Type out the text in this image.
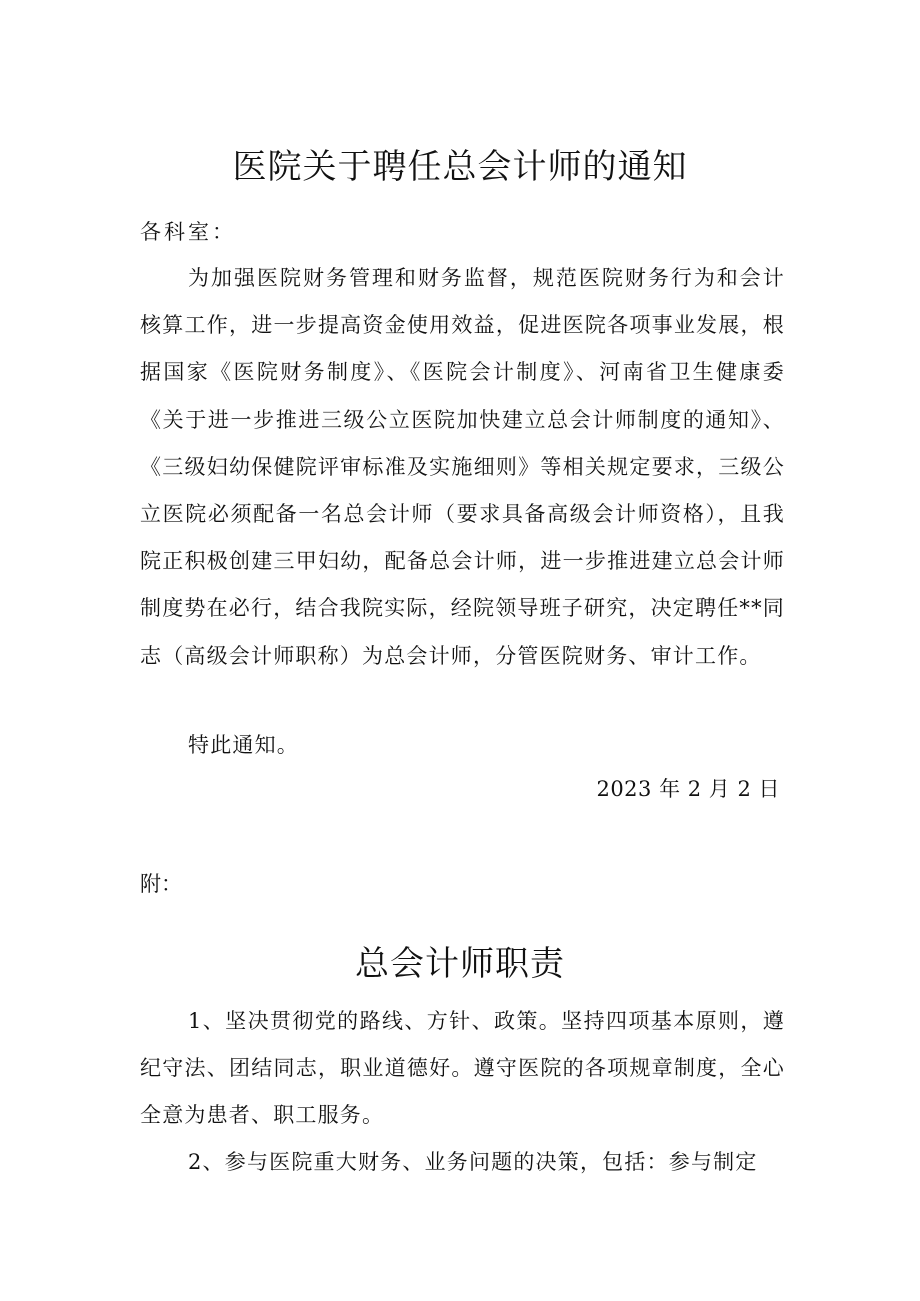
医院关于聘任总会计师的通知
各科室：

为加强医院财务管理和财务监督，规范医院财务行为和会计核算工作，进一步提高资金使用效益，促进医院各项事业发展，根据国家《医院财务制度》、《医院会计制度》、河南省卫生健康委《关于进一步推进三级公立医院加快建立总会计师制度的通知》、《三级妇幼保健院评审标准及实施细则》等相关规定要求，三级公立医院必须配备一名总会计师（要求具备高级会计师资格），且我院正积极创建三甲妇幼，配备总会计师，进一步推进建立总会计师制度势在必行，结合我院实际，经院领导班子研究，决定聘任**同志（高级会计师职称）为总会计师，分管医院财务、审计工作。

特此通知。

2023 年 2 月 2 日
附：
总会计师职责

1、坚决贯彻党的路线、方针、政策。坚持四项基本原则，遵纪守法、团结同志，职业道德好。遵守医院的各项规章制度，全心全意为患者、职工服务。

2、参与医院重大财务、业务问题的决策，包括：参与制定
